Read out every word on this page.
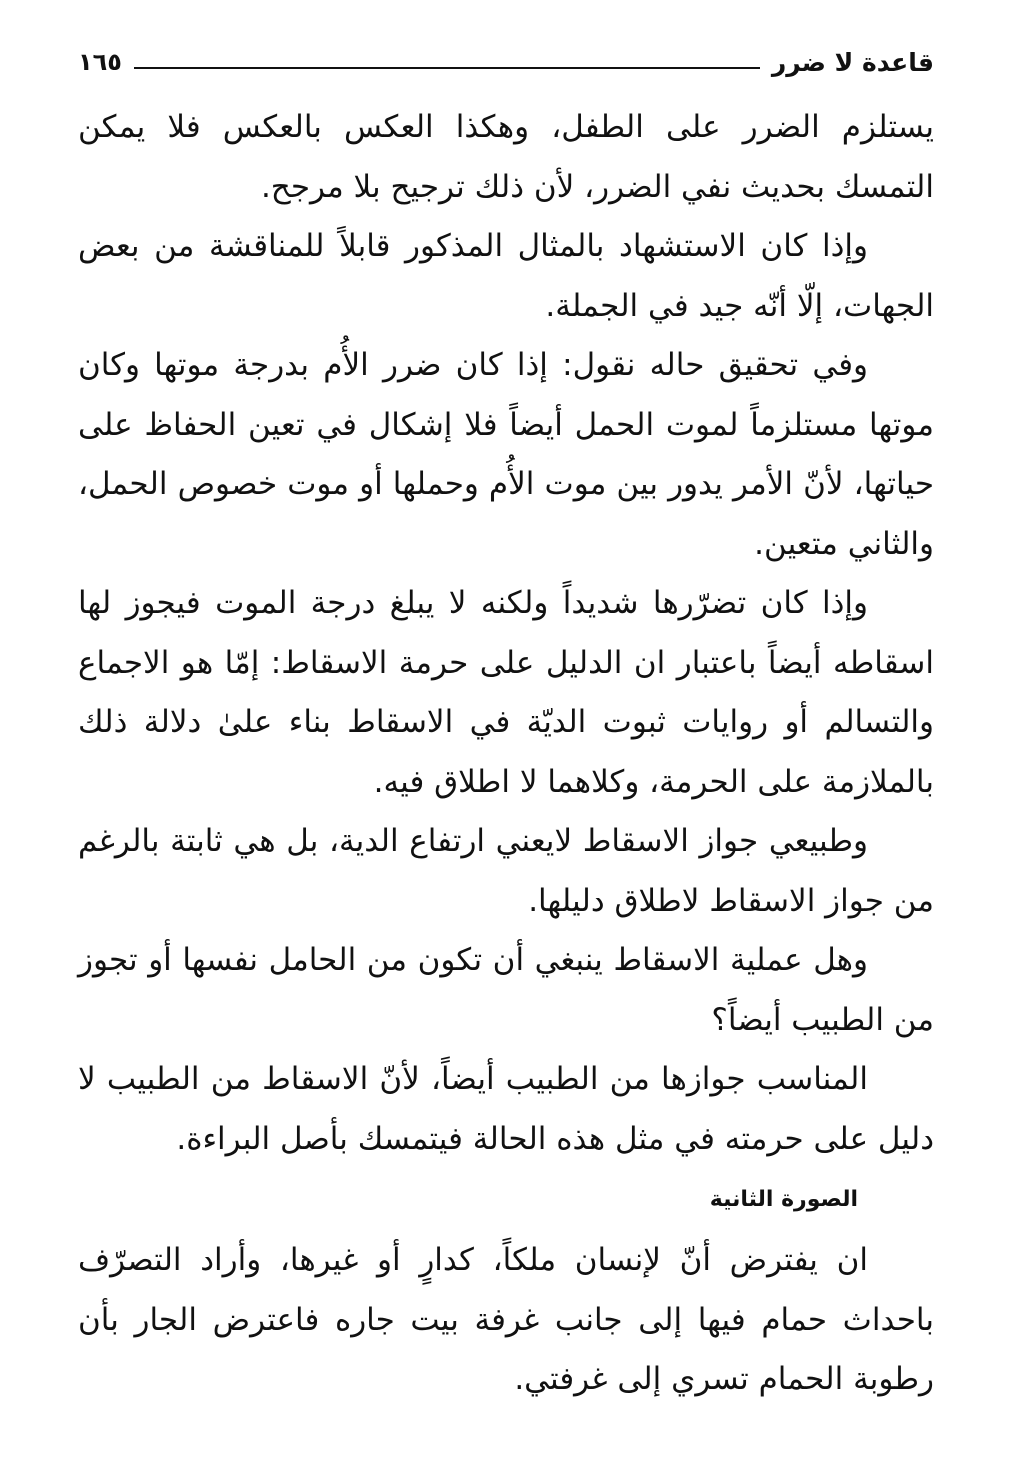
قاعدة لا ضرر
١٦٥

يستلزم الضرر على الطفل، وهكذا العكس بالعكس فلا يمكن التمسك بحديث نفي الضرر، لأن ذلك ترجيح بلا مرجح.

وإذا كان الاستشهاد بالمثال المذكور قابلاً للمناقشة من بعض الجهات، إلّا أنّه جيد في الجملة.

وفي تحقيق حاله نقول: إذا كان ضرر الأُم بدرجة موتها وكان موتها مستلزماً لموت الحمل أيضاً فلا إشكال في تعين الحفاظ على حياتها، لأنّ الأمر يدور بين موت الأُم وحملها أو موت خصوص الحمل، والثاني متعين.

وإذا كان تضرّرها شديداً ولكنه لا يبلغ درجة الموت فيجوز لها اسقاطه أيضاً باعتبار ان الدليل على حرمة الاسقاط: إمّا هو الاجماع والتسالم أو روايات ثبوت الديّة في الاسقاط بناء علىٰ دلالة ذلك بالملازمة على الحرمة، وكلاهما لا اطلاق فيه.

وطبيعي جواز الاسقاط لايعني ارتفاع الدية، بل هي ثابتة بالرغم من جواز الاسقاط لاطلاق دليلها.

وهل عملية الاسقاط ينبغي أن تكون من الحامل نفسها أو تجوز من الطبيب أيضاً؟

المناسب جوازها من الطبيب أيضاً، لأنّ الاسقاط من الطبيب لا دليل على حرمته في مثل هذه الحالة فيتمسك بأصل البراءة.

الصورة الثانية

ان يفترض أنّ لإنسان ملكاً، كدارٍ أو غيرها، وأراد التصرّف باحداث حمام فيها إلى جانب غرفة بيت جاره فاعترض الجار بأن رطوبة الحمام تسري إلى غرفتي.
